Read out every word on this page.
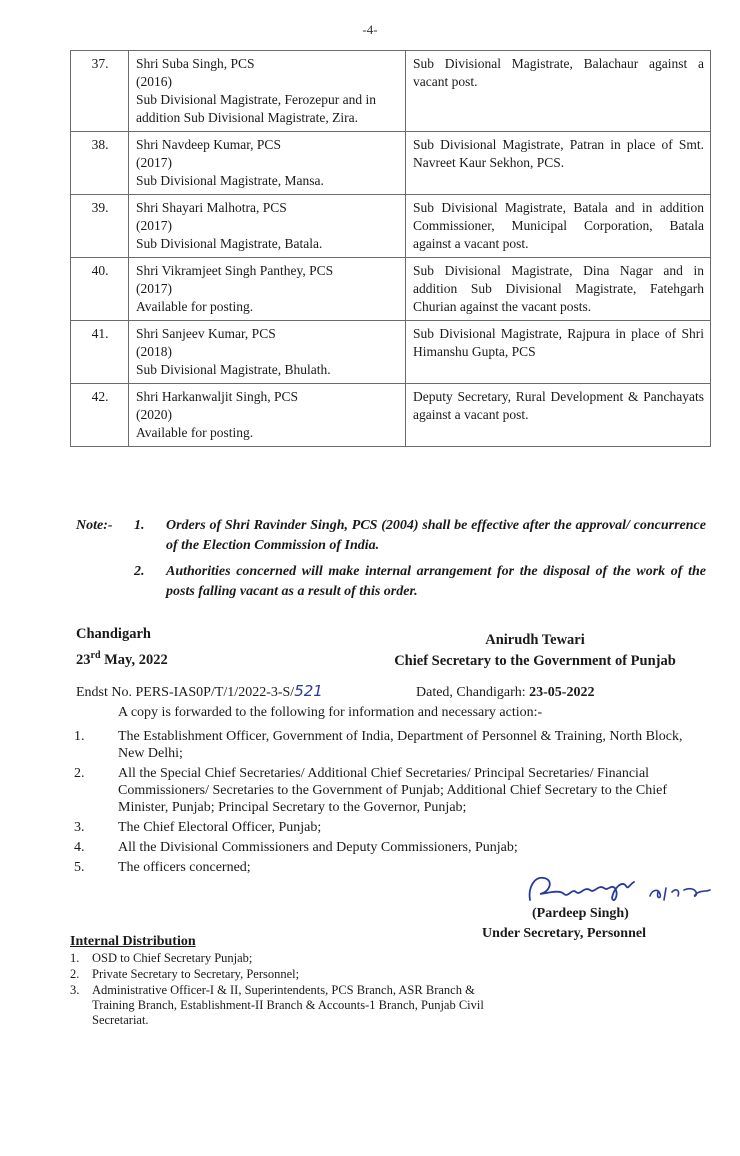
-4-
37.	Shri Suba Singh, PCS
(2016)
Sub Divisional Magistrate, Ferozepur and in addition Sub Divisional Magistrate, Zira.	Sub Divisional Magistrate, Balachaur against a vacant post.
38.	Shri Navdeep Kumar, PCS
(2017)
Sub Divisional Magistrate, Mansa.	Sub Divisional Magistrate, Patran in place of Smt. Navreet Kaur Sekhon, PCS.
39.	Shri Shayari Malhotra, PCS
(2017)
Sub Divisional Magistrate, Batala.	Sub Divisional Magistrate, Batala and in addition Commissioner, Municipal Corporation, Batala against a vacant post.
40.	Shri Vikramjeet Singh Panthey, PCS
(2017)
Available for posting.	Sub Divisional Magistrate, Dina Nagar and in addition Sub Divisional Magistrate, Fatehgarh Churian against the vacant posts.
41.	Shri Sanjeev Kumar, PCS
(2018)
Sub Divisional Magistrate, Bhulath.	Sub Divisional Magistrate, Rajpura in place of Shri Himanshu Gupta, PCS
42.	Shri Harkanwaljit Singh, PCS
(2020)
Available for posting.	Deputy Secretary, Rural Development & Panchayats against a vacant post.
Note:-	1.	Orders of Shri Ravinder Singh, PCS (2004) shall be effective after the approval/ concurrence of the Election Commission of India.
2.	Authorities concerned will make internal arrangement for the disposal of the work of the posts falling vacant as a result of this order.
Chandigarh
23rd May, 2022
Anirudh Tewari
Chief Secretary to the Government of Punjab
Endst No. PERS-IAS0P/T/1/2022-3-S/521	Dated, Chandigarh: 23-05-2022
A copy is forwarded to the following for information and necessary action:-
1.	The Establishment Officer, Government of India, Department of Personnel & Training, North Block, New Delhi;
2.	All the Special Chief Secretaries/ Additional Chief Secretaries/ Principal Secretaries/ Financial Commissioners/ Secretaries to the Government of Punjab; Additional Chief Secretary to the Chief Minister, Punjab; Principal Secretary to the Governor, Punjab;
3.	The Chief Electoral Officer, Punjab;
4.	All the Divisional Commissioners and Deputy Commissioners, Punjab;
5.	The officers concerned;
(Pardeep Singh)
Under Secretary, Personnel
Internal Distribution
1.	OSD to Chief Secretary Punjab;
2.	Private Secretary to Secretary, Personnel;
3.	Administrative Officer-I & II, Superintendents, PCS Branch, ASR Branch & Training Branch, Establishment-II Branch & Accounts-1 Branch, Punjab Civil Secretariat.
